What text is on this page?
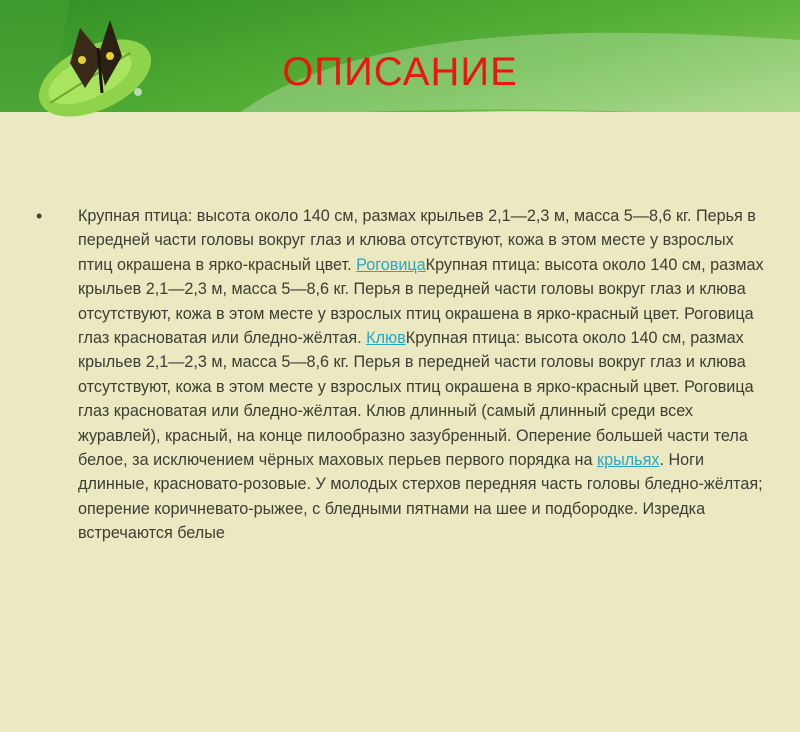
ОПИСАНИЕ
•	Крупная птица: высота около 140 см, размах крыльев 2,1—2,3 м, масса 5—8,6 кг. Перья в передней части головы вокруг глаз и клюва отсутствуют, кожа в этом месте у взрослых птиц окрашена в ярко-красный цвет. РоговицаКрупная птица: высота около 140 см, размах крыльев 2,1—2,3 м, масса 5—8,6 кг. Перья в передней части головы вокруг глаз и клюва отсутствуют, кожа в этом месте у взрослых птиц окрашена в ярко-красный цвет. Роговица глаз красноватая или бледно-жёлтая. КлювКрупная птица: высота около 140 см, размах крыльев 2,1—2,3 м, масса 5—8,6 кг. Перья в передней части головы вокруг глаз и клюва отсутствуют, кожа в этом месте у взрослых птиц окрашена в ярко-красный цвет. Роговица глаз красноватая или бледно-жёлтая. Клюв длинный (самый длинный среди всех журавлей), красный, на конце пилообразно зазубренный. Оперение большей части тела белое, за исключением чёрных маховых перьев первого порядка на крыльях. Ноги длинные, красновато-розовые. У молодых стерхов передняя часть головы бледно-жёлтая; оперение коричневато-рыжее, с бледными пятнами на шее и подбородке. Изредка встречаются белые
